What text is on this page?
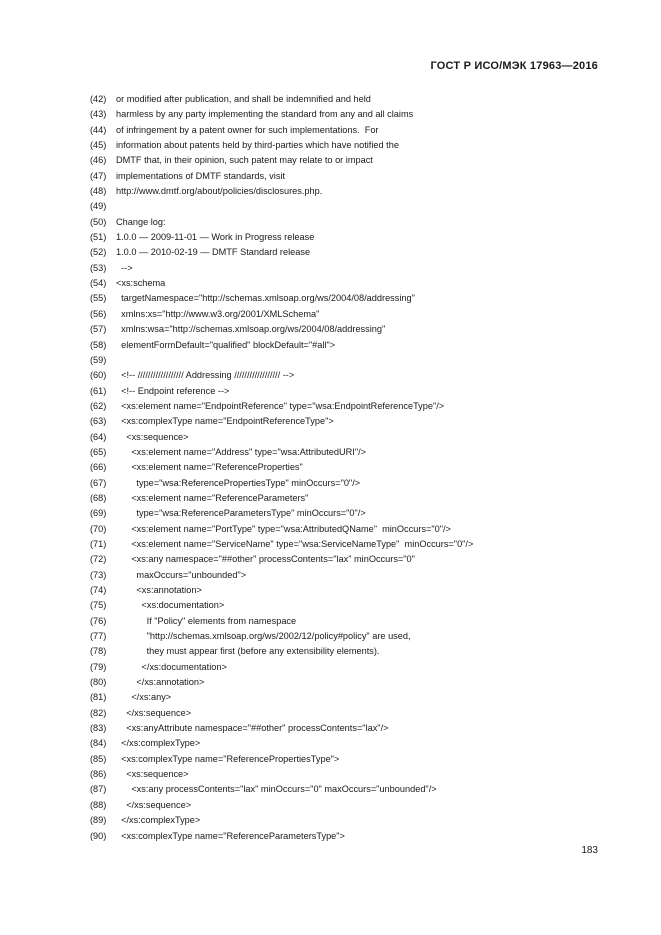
ГОСТ Р ИСО/МЭК 17963—2016
(42)	or modified after publication, and shall be indemnified and held
(43)	harmless by any party implementing the standard from any and all claims
(44)	of infringement by a patent owner for such implementations.  For
(45)	information about patents held by third-parties which have notified the
(46)	DMTF that, in their opinion, such patent may relate to or impact
(47)	implementations of DMTF standards, visit
(48)	http://www.dmtf.org/about/policies/disclosures.php.
(49)
(50)	Change log:
(51)	1.0.0 — 2009-11-01 — Work in Progress release
(52)	1.0.0 — 2010-02-19 — DMTF Standard release
(53)	-->
(54)	<xs:schema
(55)	targetNamespace="http://schemas.xmlsoap.org/ws/2004/08/addressing"
(56)	xmlns:xs="http://www.w3.org/2001/XMLSchema"
(57)	xmlns:wsa="http://schemas.xmlsoap.org/ws/2004/08/addressing"
(58)	elementFormDefault="qualified" blockDefault="#all">
(59)
(60)	<!-- ////////////////// Addressing ////////////////// -->
(61)	<!-- Endpoint reference -->
(62)	<xs:element name="EndpointReference" type="wsa:EndpointReferenceType"/>
(63)	<xs:complexType name="EndpointReferenceType">
(64)	<xs:sequence>
(65)	<xs:element name="Address" type="wsa:AttributedURI"/>
(66)	<xs:element name="ReferenceProperties"
(67)	type="wsa:ReferencePropertiesType" minOccurs="0"/>
(68)	<xs:element name="ReferenceParameters"
(69)	type="wsa:ReferenceParametersType" minOccurs="0"/>
(70)	<xs:element name="PortType" type="wsa:AttributedQName"  minOccurs="0"/>
(71)	<xs:element name="ServiceName" type="wsa:ServiceNameType"  minOccurs="0"/>
(72)	<xs:any namespace="##other" processContents="lax" minOccurs="0"
(73)	maxOccurs="unbounded">
(74)	<xs:annotation>
(75)	<xs:documentation>
(76)	If "Policy" elements from namespace
(77)	"http://schemas.xmlsoap.org/ws/2002/12/policy#policy" are used,
(78)	they must appear first (before any extensibility elements).
(79)	</xs:documentation>
(80)	</xs:annotation>
(81)	</xs:any>
(82)	</xs:sequence>
(83)	<xs:anyAttribute namespace="##other" processContents="lax"/>
(84)	</xs:complexType>
(85)	<xs:complexType name="ReferencePropertiesType">
(86)	<xs:sequence>
(87)	<xs:any processContents="lax" minOccurs="0" maxOccurs="unbounded"/>
(88)	</xs:sequence>
(89)	</xs:complexType>
(90)	<xs:complexType name="ReferenceParametersType">
183
